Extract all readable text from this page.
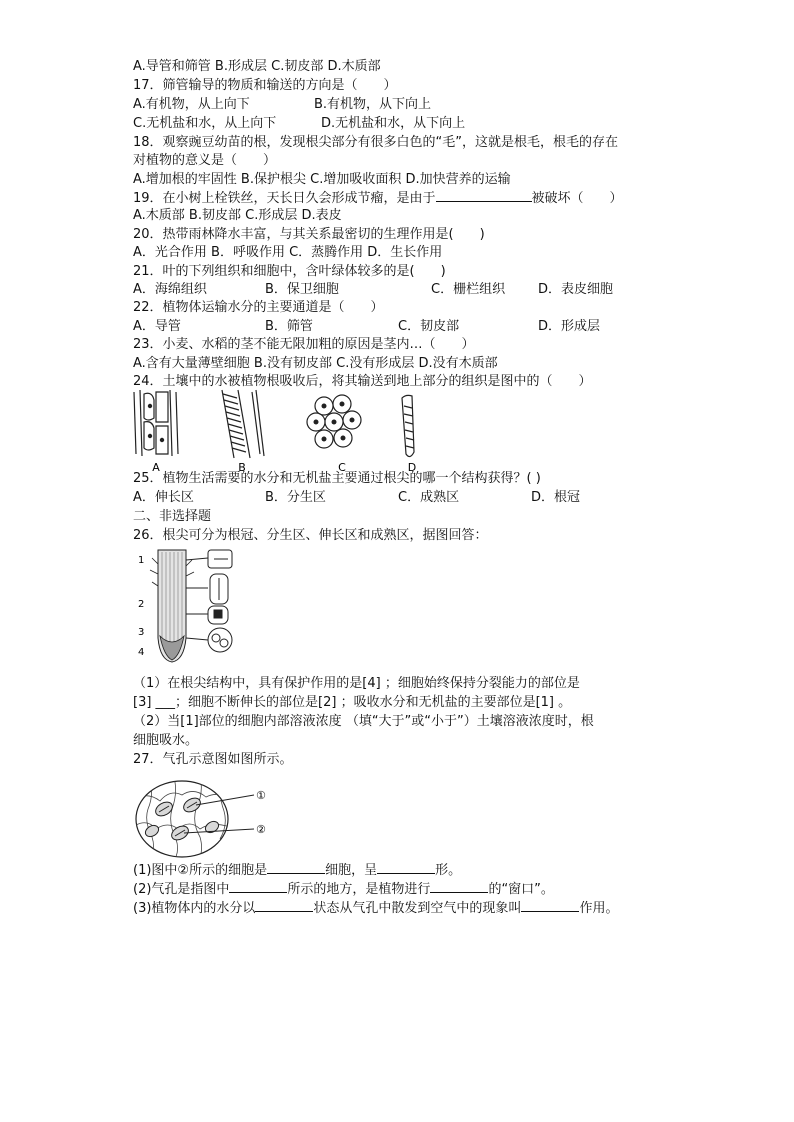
A.导管和筛管 B.形成层 C.韧皮部 D.木质部
17．筛管输导的物质和输送的方向是（　　）
A.有机物，从上向下	B.有机物，从下向上
C.无机盐和水，从上向下	D.无机盐和水，从下向上
18．观察豌豆幼苗的根，发现根尖部分有很多白色的“毛”，这就是根毛，根毛的存在
对植物的意义是（　　）
A.增加根的牢固性 B.保护根尖 C.增加吸收面积 D.加快营养的运输
19．在小树上栓铁丝，天长日久会形成节瘤，是由于	被破坏（　　）
A.木质部 B.韧皮部 C.形成层 D.表皮
20．热带雨林降水丰富，与其关系最密切的生理作用是(　　)
A．光合作用 B．呼吸作用 C．蒸腾作用 D．生长作用
21．叶的下列组织和细胞中，含叶绿体较多的是(　　)
A．海绵组织	B．保卫细胞	C．栅栏组织	D．表皮细胞
22．植物体运输水分的主要通道是（　　）
A．导管	B．筛管	C．韧皮部	D．形成层
23．小麦、水稻的茎不能无限加粗的原因是茎内…（　　）
A.含有大量薄壁细胞 B.没有韧皮部 C.没有形成层 D.没有木质部
24．土壤中的水被植物根吸收后，将其输送到地上部分的组织是图中的（　　）
A	B	C	D
25．植物生活需要的水分和无机盐主要通过根尖的哪一个结构获得？( )
A．伸长区	B．分生区	C．成熟区	D．根冠
二、非选择题
26．根尖可分为根冠、分生区、伸长区和成熟区，据图回答：
1
2
3
4
（1）在根尖结构中，具有保护作用的是[4] ；细胞始终保持分裂能力的部位是
[3] ___；细胞不断伸长的部位是[2] ；吸收水分和无机盐的主要部位是[1] 。
（2）当[1]部位的细胞内部溶液浓度 （填“大于”或“小于”）土壤溶液浓度时，根
细胞吸水。
27．气孔示意图如图所示。
①
②
(1)图中②所示的细胞是	细胞，呈	形。
(2)气孔是指图中	所示的地方，是植物进行	的“窗口”。
(3)植物体内的水分以	状态从气孔中散发到空气中的现象叫	作用。
